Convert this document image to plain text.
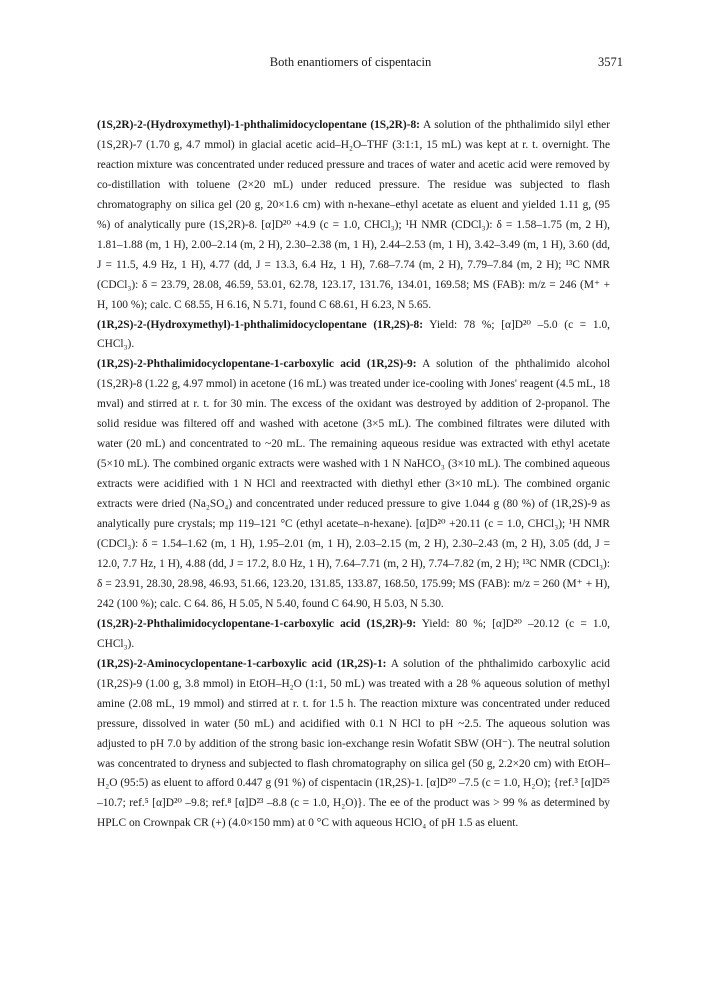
Both enantiomers of cispentacin	3571

(1S,2R)-2-(Hydroxymethyl)-1-phthalimidocyclopentane (1S,2R)-8: A solution of the phthalimido silyl ether (1S,2R)-7 (1.70 g, 4.7 mmol) in glacial acetic acid–H₂O–THF (3:1:1, 15 mL) was kept at r. t. overnight. The reaction mixture was concentrated under reduced pressure and traces of water and acetic acid were removed by co-distillation with toluene (2×20 mL) under reduced pressure. The residue was subjected to flash chromatography on silica gel (20 g, 20×1.6 cm) with n-hexane–ethyl acetate as eluent and yielded 1.11 g, (95 %) of analytically pure (1S,2R)-8. [α]D²⁰ +4.9 (c = 1.0, CHCl₃); ¹H NMR (CDCl₃): δ = 1.58–1.75 (m, 2 H), 1.81–1.88 (m, 1 H), 2.00–2.14 (m, 2 H), 2.30–2.38 (m, 1 H), 2.44–2.53 (m, 1 H), 3.42–3.49 (m, 1 H), 3.60 (dd, J = 11.5, 4.9 Hz, 1 H), 4.77 (dd, J = 13.3, 6.4 Hz, 1 H), 7.68–7.74 (m, 2 H), 7.79–7.84 (m, 2 H); ¹³C NMR (CDCl₃): δ = 23.79, 28.08, 46.59, 53.01, 62.78, 123.17, 131.76, 134.01, 169.58; MS (FAB): m/z = 246 (M⁺ + H, 100 %); calc. C 68.55, H 6.16, N 5.71, found C 68.61, H 6.23, N 5.65.

(1R,2S)-2-(Hydroxymethyl)-1-phthalimidocyclopentane (1R,2S)-8: Yield: 78 %; [α]D²⁰ –5.0 (c = 1.0, CHCl₃).

(1R,2S)-2-Phthalimidocyclopentane-1-carboxylic acid (1R,2S)-9: A solution of the phthalimido alcohol (1S,2R)-8 (1.22 g, 4.97 mmol) in acetone (16 mL) was treated under ice-cooling with Jones' reagent (4.5 mL, 18 mval) and stirred at r. t. for 30 min. The excess of the oxidant was destroyed by addition of 2-propanol. The solid residue was filtered off and washed with acetone (3×5 mL). The combined filtrates were diluted with water (20 mL) and concentrated to ~20 mL. The remaining aqueous residue was extracted with ethyl acetate (5×10 mL). The combined organic extracts were washed with 1 N NaHCO₃ (3×10 mL). The combined aqueous extracts were acidified with 1 N HCl and reextracted with diethyl ether (3×10 mL). The combined organic extracts were dried (Na₂SO₄) and concentrated under reduced pressure to give 1.044 g (80 %) of (1R,2S)-9 as analytically pure crystals; mp 119–121 °C (ethyl acetate–n-hexane). [α]D²⁰ +20.11 (c = 1.0, CHCl₃); ¹H NMR (CDCl₃): δ = 1.54–1.62 (m, 1 H), 1.95–2.01 (m, 1 H), 2.03–2.15 (m, 2 H), 2.30–2.43 (m, 2 H), 3.05 (dd, J = 12.0, 7.7 Hz, 1 H), 4.88 (dd, J = 17.2, 8.0 Hz, 1 H), 7.64–7.71 (m, 2 H), 7.74–7.82 (m, 2 H); ¹³C NMR (CDCl₃): δ = 23.91, 28.30, 28.98, 46.93, 51.66, 123.20, 131.85, 133.87, 168.50, 175.99; MS (FAB): m/z = 260 (M⁺ + H), 242 (100 %); calc. C 64. 86, H 5.05, N 5.40, found C 64.90, H 5.03, N 5.30.

(1S,2R)-2-Phthalimidocyclopentane-1-carboxylic acid (1S,2R)-9: Yield: 80 %; [α]D²⁰ –20.12 (c = 1.0, CHCl₃).

(1R,2S)-2-Aminocyclopentane-1-carboxylic acid (1R,2S)-1: A solution of the phthalimido carboxylic acid (1R,2S)-9 (1.00 g, 3.8 mmol) in EtOH–H₂O (1:1, 50 mL) was treated with a 28 % aqueous solution of methyl amine (2.08 mL, 19 mmol) and stirred at r. t. for 1.5 h. The reaction mixture was concentrated under reduced pressure, dissolved in water (50 mL) and acidified with 0.1 N HCl to pH ~2.5. The aqueous solution was adjusted to pH 7.0 by addition of the strong basic ion-exchange resin Wofatit SBW (OH⁻). The neutral solution was concentrated to dryness and subjected to flash chromatography on silica gel (50 g, 2.2×20 cm) with EtOH–H₂O (95:5) as eluent to afford 0.447 g (91 %) of cispentacin (1R,2S)-1. [α]D²⁰ –7.5 (c = 1.0, H₂O); {ref.³ [α]D²⁵ –10.7; ref.⁵ [α]D²⁰ –9.8; ref.⁸ [α]D²³ –8.8 (c = 1.0, H₂O)}. The ee of the product was > 99 % as determined by HPLC on Crownpak CR (+) (4.0×150 mm) at 0 °C with aqueous HClO₄ of pH 1.5 as eluent.
